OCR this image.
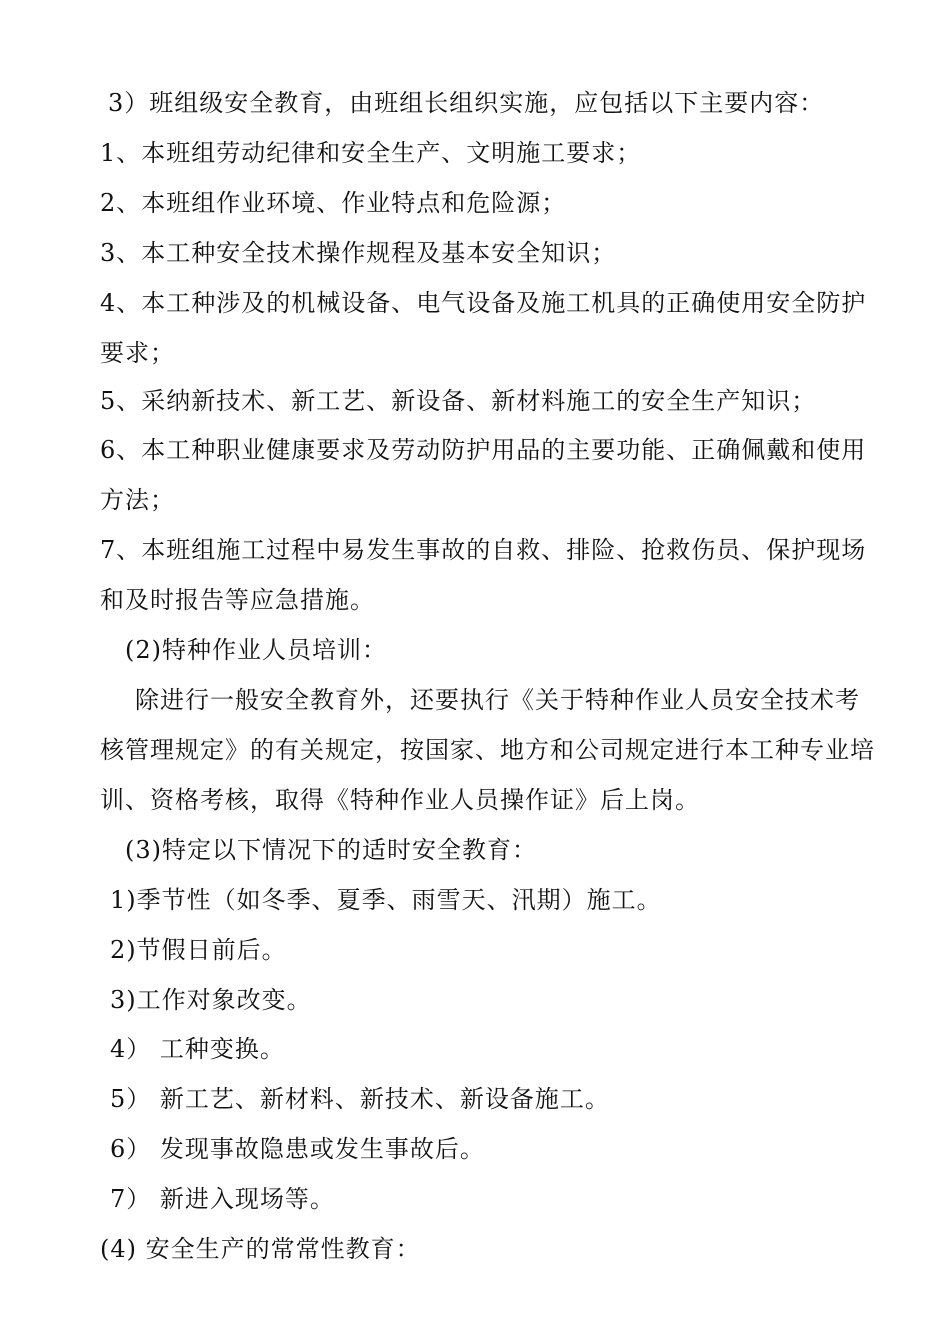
3）班组级安全教育，由班组长组织实施，应包括以下主要内容：
1、本班组劳动纪律和安全生产、文明施工要求；
2、本班组作业环境、作业特点和危险源；
3、本工种安全技术操作规程及基本安全知识；
4、本工种涉及的机械设备、电气设备及施工机具的正确使用安全防护
要求；
5、采纳新技术、新工艺、新设备、新材料施工的安全生产知识；
6、本工种职业健康要求及劳动防护用品的主要功能、正确佩戴和使用
方法；
7、本班组施工过程中易发生事故的自救、排险、抢救伤员、保护现场
和及时报告等应急措施。
(2)特种作业人员培训：
除进行一般安全教育外，还要执行《关于特种作业人员安全技术考
核管理规定》的有关规定，按国家、地方和公司规定进行本工种专业培
训、资格考核，取得《特种作业人员操作证》后上岗。
(3)特定以下情况下的适时安全教育：
1)季节性（如冬季、夏季、雨雪天、汛期）施工。
2)节假日前后。
3)工作对象改变。
4） 工种变换。
5） 新工艺、新材料、新技术、新设备施工。
6） 发现事故隐患或发生事故后。
7） 新进入现场等。
(4) 安全生产的常常性教育：
